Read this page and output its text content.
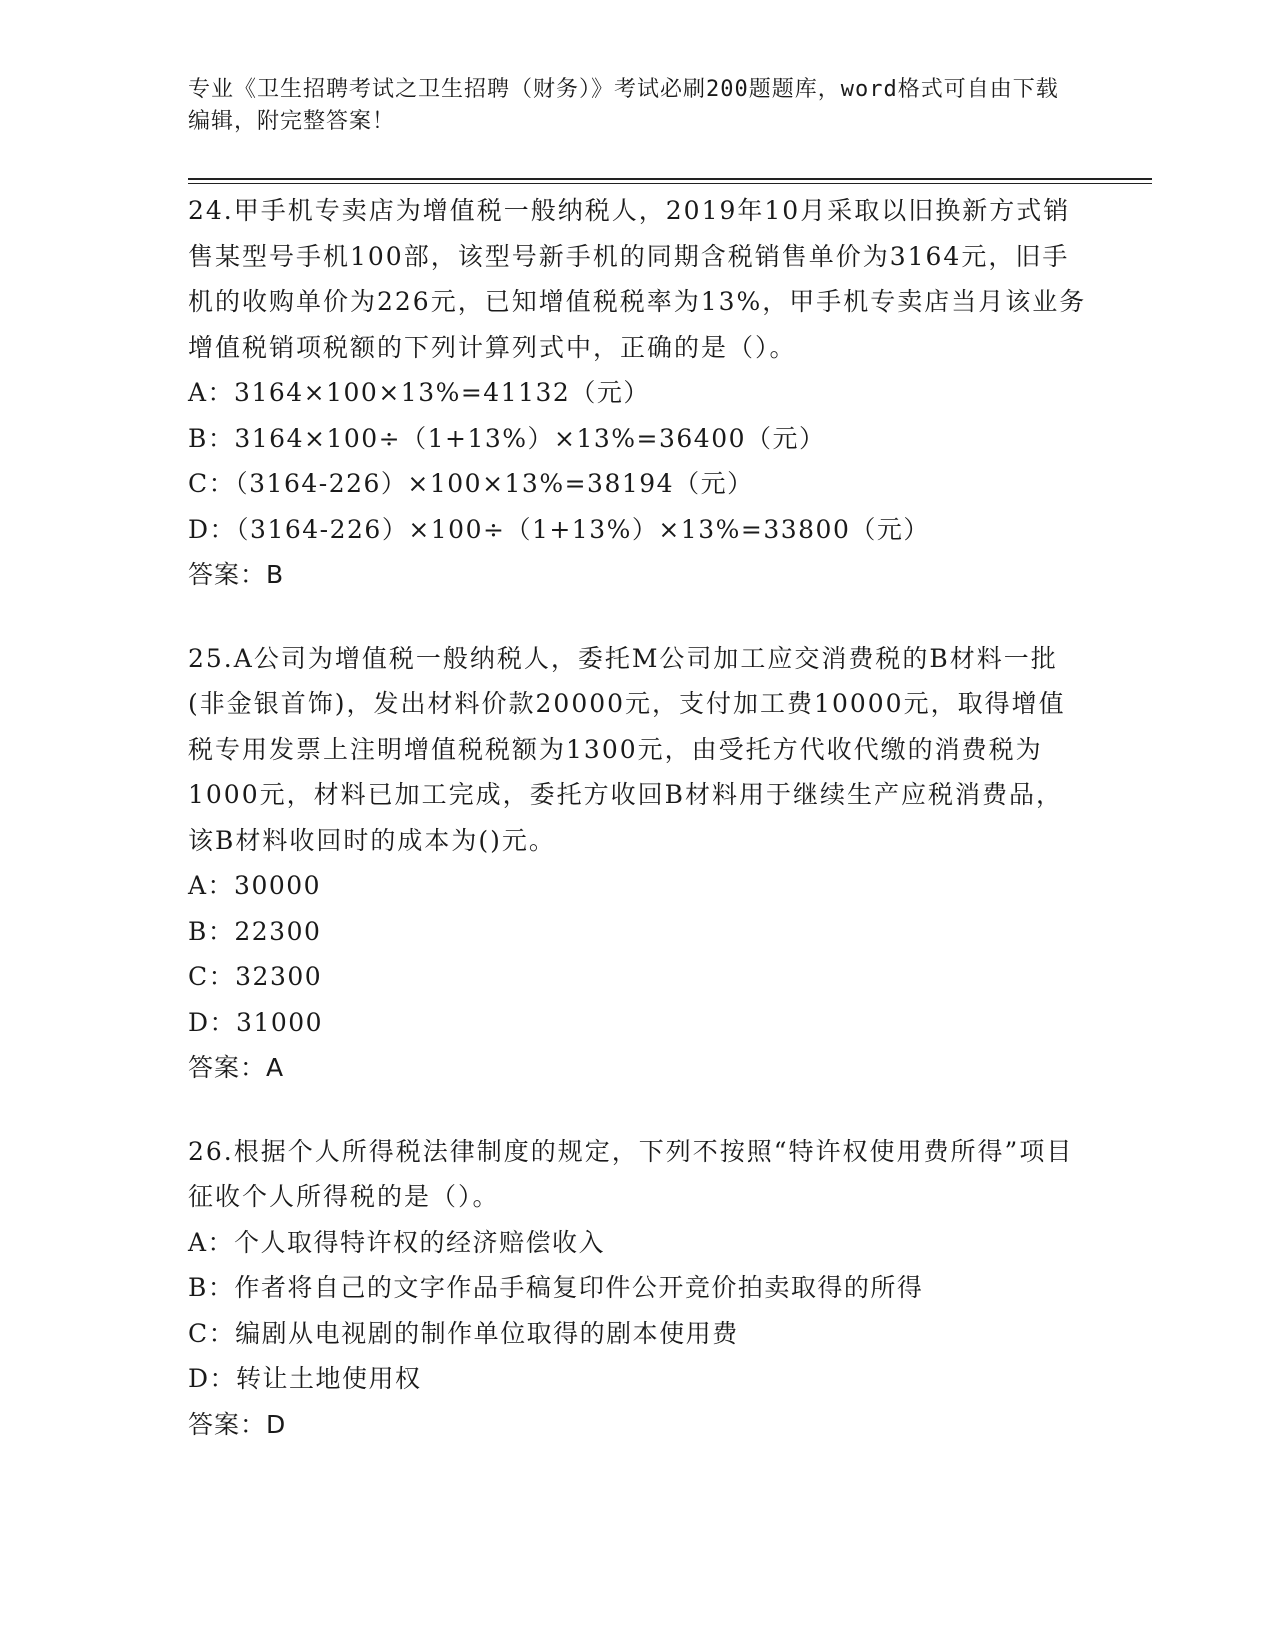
专业《卫生招聘考试之卫生招聘（财务）》考试必刷200题题库，word格式可自由下载编辑，附完整答案！

24.甲手机专卖店为增值税一般纳税人，2019年10月采取以旧换新方式销售某型号手机100部，该型号新手机的同期含税销售单价为3164元，旧手机的收购单价为226元，已知增值税税率为13%，甲手机专卖店当月该业务增值税销项税额的下列计算列式中，正确的是（）。

A：3164×100×13%=41132（元）

B：3164×100÷（1+13%）×13%=36400（元）

C：（3164-226）×100×13%=38194（元）

D：（3164-226）×100÷（1+13%）×13%=33800（元）

答案：B

25.A公司为增值税一般纳税人，委托M公司加工应交消费税的B材料一批(非金银首饰)，发出材料价款20000元，支付加工费10000元，取得增值税专用发票上注明增值税税额为1300元，由受托方代收代缴的消费税为1000元，材料已加工完成，委托方收回B材料用于继续生产应税消费品，该B材料收回时的成本为()元。

A：30000

B：22300

C：32300

D：31000

答案：A

26.根据个人所得税法律制度的规定，下列不按照“特许权使用费所得”项目征收个人所得税的是（）。

A：个人取得特许权的经济赔偿收入

B：作者将自己的文字作品手稿复印件公开竞价拍卖取得的所得

C：编剧从电视剧的制作单位取得的剧本使用费

D：转让土地使用权

答案：D
